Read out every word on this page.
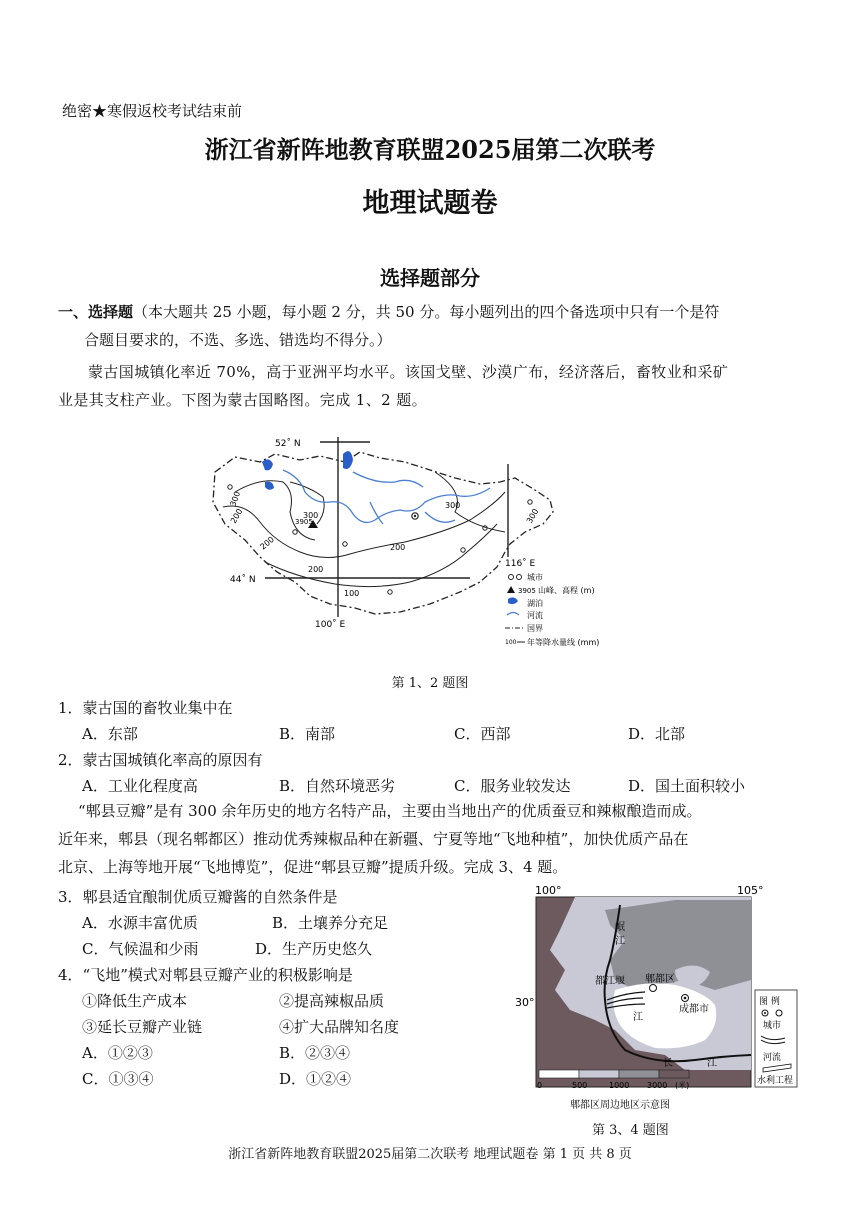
绝密★寒假返校考试结束前
浙江省新阵地教育联盟2025届第二次联考
地理试题卷
选择题部分
一、选择题（本大题共 25 小题，每小题 2 分，共 50 分。每小题列出的四个备选项中只有一个是符
合题目要求的，不选、多选、错选均不得分。）
蒙古国城镇化率近 70%，高于亚洲平均水平。该国戈壁、沙漠广布，经济落后，畜牧业和采矿
业是其支柱产业。下图为蒙古国略图。完成 1、2 题。
52˚ N
44˚ N
100˚ E
116˚ E
300
300
300
300
200
200
200
200
100
3905
城市
3905 山峰、高程 (m)
湖泊
河流
国界
100 年等降水量线 (mm)
第 1、2 题图
1．蒙古国的畜牧业集中在
A．东部	B．南部	C．西部	D．北部
2．蒙古国城镇化率高的原因有
A．工业化程度高	B．自然环境恶劣	C．服务业较发达	D．国土面积较小
“郫县豆瓣”是有 300 余年历史的地方名特产品，主要由当地出产的优质蚕豆和辣椒酿造而成。
近年来，郫县（现名郫都区）推动优秀辣椒品种在新疆、宁夏等地“飞地种植”，加快优质产品在
北京、上海等地开展“飞地博览”，促进“郫县豆瓣”提质升级。完成 3、4 题。
3．郫县适宜酿制优质豆瓣酱的自然条件是
A．水源丰富优质	B．土壤养分充足
C．气候温和少雨	D．生产历史悠久
4．“飞地”模式对郫县豆瓣产业的积极影响是
①降低生产成本	②提高辣椒品质
③延长豆瓣产业链	④扩大品牌知名度
A．①②③	B．②③④
C．①③④	D．①②④
100°	105°
30°
岷
江
都江堰 郫都区
成都市
江
长	江
0	500	1000 3000 (米)
郫都区周边地区示意图
图 例
城市
河流
水利工程
第 3、4 题图
浙江省新阵地教育联盟2025届第二次联考 地理试题卷 第 1 页 共 8 页
